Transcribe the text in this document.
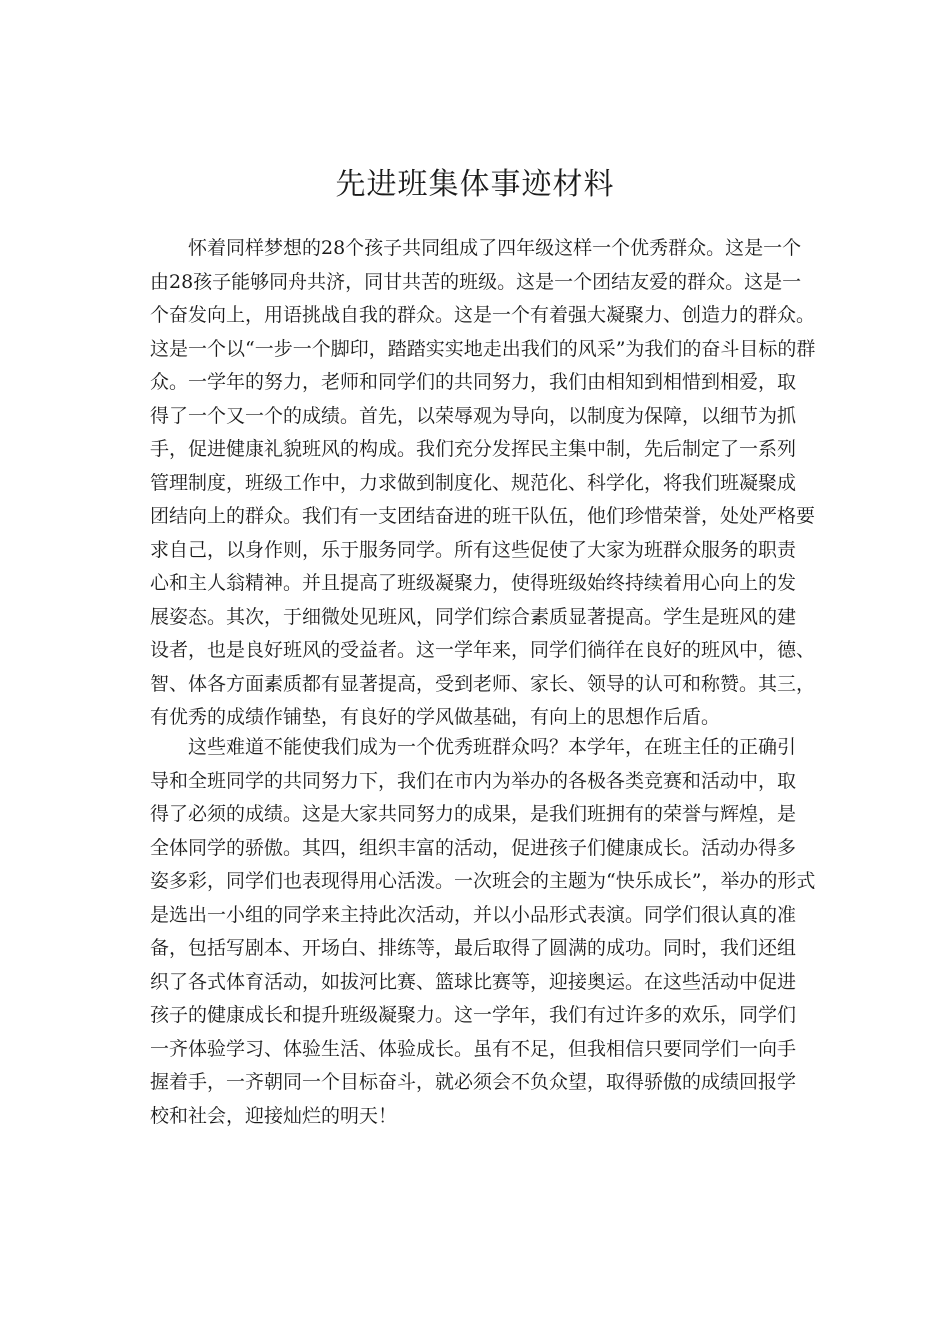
先进班集体事迹材料

怀着同样梦想的28个孩子共同组成了四年级这样一个优秀群众。这是一个
由28孩子能够同舟共济，同甘共苦的班级。这是一个团结友爱的群众。这是一
个奋发向上，用语挑战自我的群众。这是一个有着强大凝聚力、创造力的群众。
这是一个以“一步一个脚印，踏踏实实地走出我们的风采”为我们的奋斗目标的群
众。一学年的努力，老师和同学们的共同努力，我们由相知到相惜到相爱，取
得了一个又一个的成绩。首先，以荣辱观为导向，以制度为保障，以细节为抓
手，促进健康礼貌班风的构成。我们充分发挥民主集中制，先后制定了一系列
管理制度，班级工作中，力求做到制度化、规范化、科学化，将我们班凝聚成
团结向上的群众。我们有一支团结奋进的班干队伍，他们珍惜荣誉，处处严格要
求自己，以身作则，乐于服务同学。所有这些促使了大家为班群众服务的职责
心和主人翁精神。并且提高了班级凝聚力，使得班级始终持续着用心向上的发
展姿态。其次，于细微处见班风，同学们综合素质显著提高。学生是班风的建
设者，也是良好班风的受益者。这一学年来，同学们徜徉在良好的班风中，德、
智、体各方面素质都有显著提高，受到老师、家长、领导的认可和称赞。其三，
有优秀的成绩作铺垫，有良好的学风做基础，有向上的思想作后盾。

这些难道不能使我们成为一个优秀班群众吗？本学年，在班主任的正确引
导和全班同学的共同努力下，我们在市内为举办的各极各类竞赛和活动中，取
得了必须的成绩。这是大家共同努力的成果，是我们班拥有的荣誉与辉煌，是
全体同学的骄傲。其四，组织丰富的活动，促进孩子们健康成长。活动办得多
姿多彩，同学们也表现得用心活泼。一次班会的主题为“快乐成长”，举办的形式
是选出一小组的同学来主持此次活动，并以小品形式表演。同学们很认真的准
备，包括写剧本、开场白、排练等，最后取得了圆满的成功。同时，我们还组
织了各式体育活动，如拔河比赛、篮球比赛等，迎接奥运。在这些活动中促进
孩子的健康成长和提升班级凝聚力。这一学年，我们有过许多的欢乐，同学们
一齐体验学习、体验生活、体验成长。虽有不足，但我相信只要同学们一向手
握着手，一齐朝同一个目标奋斗，就必须会不负众望，取得骄傲的成绩回报学
校和社会，迎接灿烂的明天！
